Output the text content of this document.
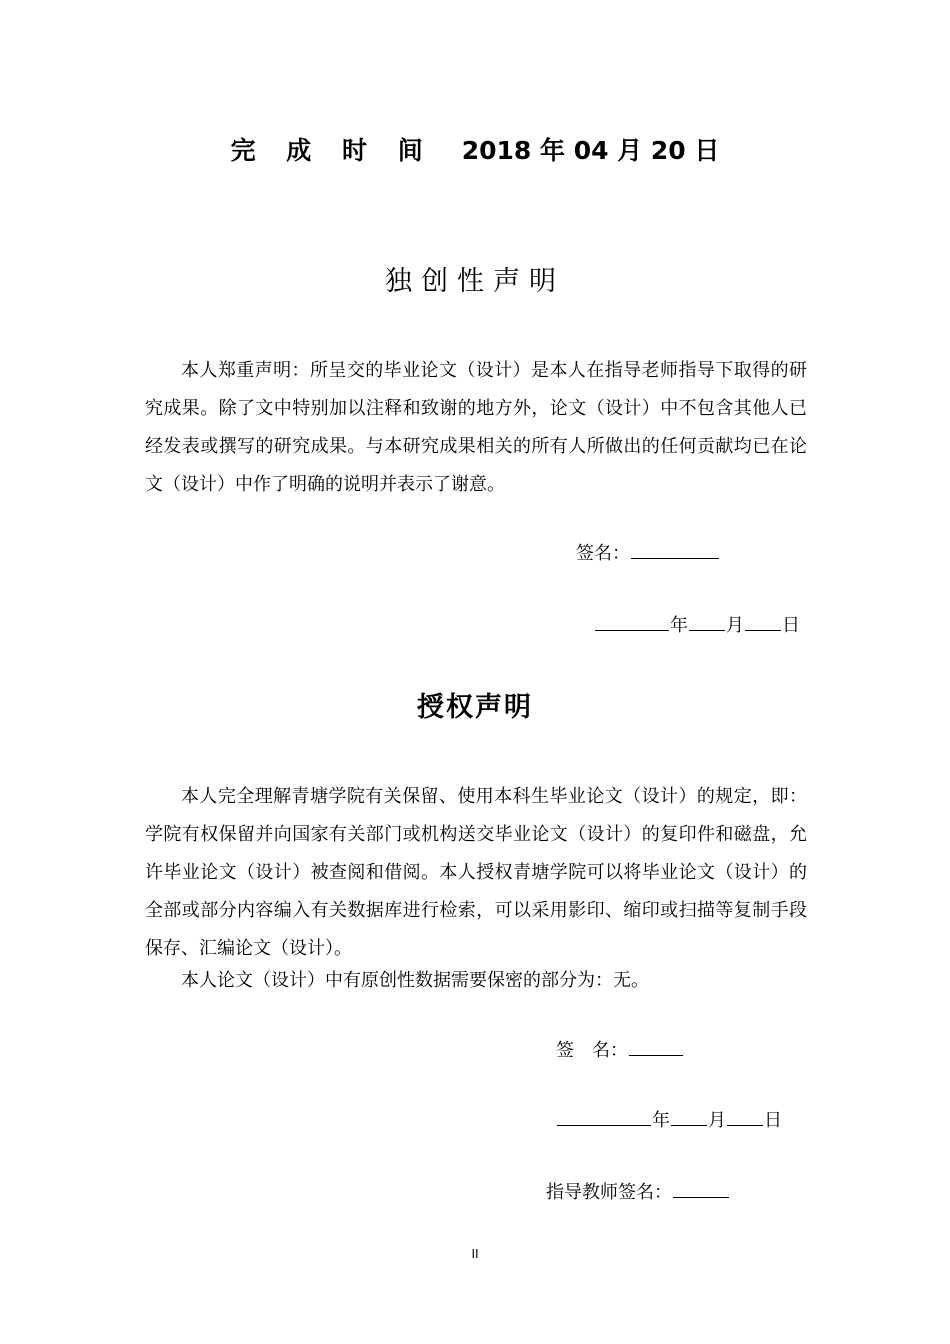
完 成 时 间 2018 年 04 月 20 日
独创性声明
本人郑重声明：所呈交的毕业论文（设计）是本人在指导老师指导下取得的研究成果。除了文中特别加以注释和致谢的地方外，论文（设计）中不包含其他人已经发表或撰写的研究成果。与本研究成果相关的所有人所做出的任何贡献均已在论文（设计）中作了明确的说明并表示了谢意。
签名：
年 月 日
授权声明
本人完全理解青塘学院有关保留、使用本科生毕业论文（设计）的规定，即：学院有权保留并向国家有关部门或机构送交毕业论文（设计）的复印件和磁盘，允许毕业论文（设计）被查阅和借阅。本人授权青塘学院可以将毕业论文（设计）的全部或部分内容编入有关数据库进行检索，可以采用影印、缩印或扫描等复制手段保存、汇编论文（设计）。
本人论文（设计）中有原创性数据需要保密的部分为：无。
签　名：
年 月 日
指导教师签名：
II
